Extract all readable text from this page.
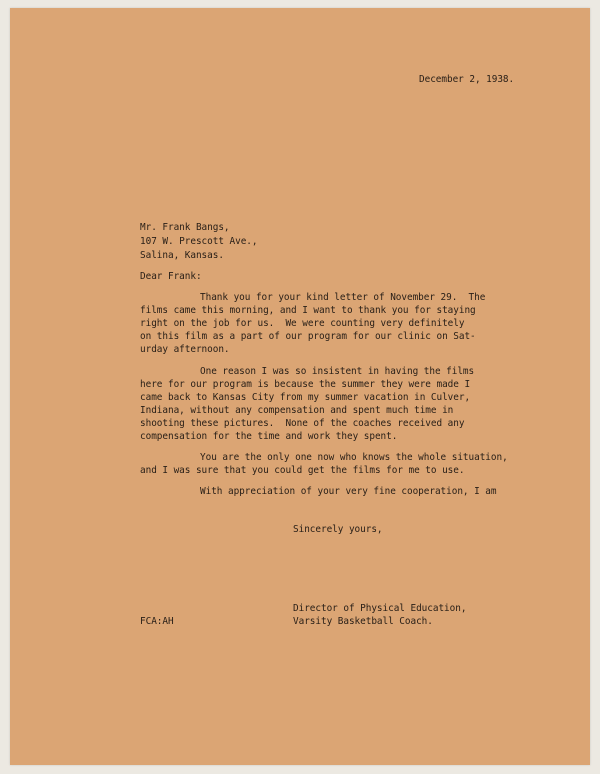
December 2, 1938.

Mr. Frank Bangs,

107 W. Prescott Ave.,

Salina, Kansas.

Dear Frank:

Thank you for your kind letter of November 29.  The

films came this morning, and I want to thank you for staying

right on the job for us.  We were counting very definitely

on this film as a part of our program for our clinic on Sat-

urday afternoon.

One reason I was so insistent in having the films

here for our program is because the summer they were made I

came back to Kansas City from my summer vacation in Culver,

Indiana, without any compensation and spent much time in

shooting these pictures.  None of the coaches received any

compensation for the time and work they spent.

You are the only one now who knows the whole situation,

and I was sure that you could get the films for me to use.

With appreciation of your very fine cooperation, I am

Sincerely yours,

Director of Physical Education,

Varsity Basketball Coach.

FCA:AH
